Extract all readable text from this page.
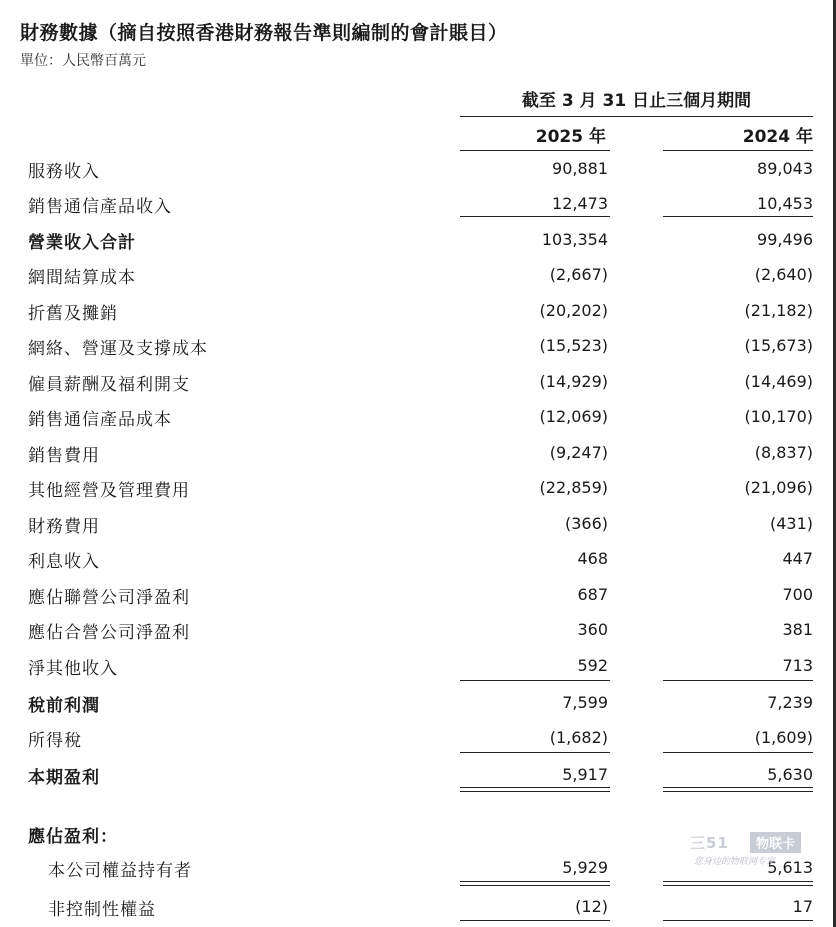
財務數據（摘自按照香港財務報告準則編制的會計賬目）
單位：人民幣百萬元
截至 3 月 31 日止三個月期間
2025 年	2024 年
服務收入	90,881	89,043
銷售通信產品收入	12,473	10,453
營業收入合計	103,354	99,496
網間結算成本	(2,667)	(2,640)
折舊及攤銷	(20,202)	(21,182)
網絡、營運及支撐成本	(15,523)	(15,673)
僱員薪酬及福利開支	(14,929)	(14,469)
銷售通信產品成本	(12,069)	(10,170)
銷售費用	(9,247)	(8,837)
其他經營及管理費用	(22,859)	(21,096)
財務費用	(366)	(431)
利息收入	468	447
應佔聯營公司淨盈利	687	700
應佔合營公司淨盈利	360	381
淨其他收入	592	713
稅前利潤	7,599	7,239
所得稅	(1,682)	(1,609)
本期盈利	5,917	5,630
應佔盈利：
本公司權益持有者	5,929	5,613
非控制性權益	(12)	17
三51	物联卡
您身边的物联网专家
